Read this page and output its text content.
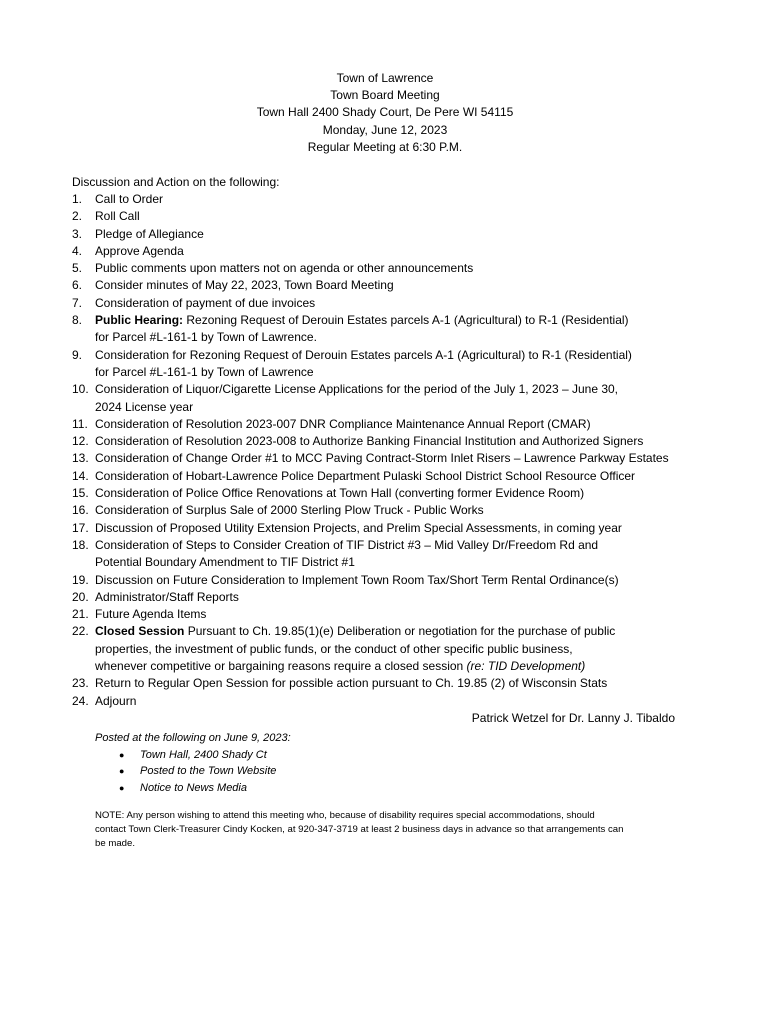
Town of Lawrence
Town Board Meeting
Town Hall 2400 Shady Court, De Pere WI 54115
Monday, June 12, 2023
Regular Meeting at 6:30 P.M.
Discussion and Action on the following:
1. Call to Order
2. Roll Call
3. Pledge of Allegiance
4. Approve Agenda
5. Public comments upon matters not on agenda or other announcements
6. Consider minutes of May 22, 2023, Town Board Meeting
7. Consideration of payment of due invoices
8. Public Hearing: Rezoning Request of Derouin Estates parcels A-1 (Agricultural) to R-1 (Residential)
for Parcel #L-161-1 by Town of Lawrence.
9. Consideration for Rezoning Request of Derouin Estates parcels A-1 (Agricultural) to R-1 (Residential)
for Parcel #L-161-1 by Town of Lawrence
10. Consideration of Liquor/Cigarette License Applications for the period of the July 1, 2023 – June 30,
2024 License year
11. Consideration of Resolution 2023-007 DNR Compliance Maintenance Annual Report (CMAR)
12. Consideration of Resolution 2023-008 to Authorize Banking Financial Institution and Authorized Signers
13. Consideration of Change Order #1 to MCC Paving Contract-Storm Inlet Risers – Lawrence Parkway Estates
14. Consideration of Hobart-Lawrence Police Department Pulaski School District School Resource Officer
15. Consideration of Police Office Renovations at Town Hall (converting former Evidence Room)
16. Consideration of Surplus Sale of 2000 Sterling Plow Truck - Public Works
17. Discussion of Proposed Utility Extension Projects, and Prelim Special Assessments, in coming year
18. Consideration of Steps to Consider Creation of TIF District #3 – Mid Valley Dr/Freedom Rd and
Potential Boundary Amendment to TIF District #1
19. Discussion on Future Consideration to Implement Town Room Tax/Short Term Rental Ordinance(s)
20. Administrator/Staff Reports
21. Future Agenda Items
22. Closed Session Pursuant to Ch. 19.85(1)(e) Deliberation or negotiation for the purchase of public
properties, the investment of public funds, or the conduct of other specific public business,
whenever competitive or bargaining reasons require a closed session (re: TID Development)
23. Return to Regular Open Session for possible action pursuant to Ch. 19.85 (2) of Wisconsin Stats
24. Adjourn
Patrick Wetzel for Dr. Lanny J. Tibaldo
Posted at the following on June 9, 2023:
● Town Hall, 2400 Shady Ct
● Posted to the Town Website
● Notice to News Media
NOTE: Any person wishing to attend this meeting who, because of disability requires special accommodations, should
contact Town Clerk-Treasurer Cindy Kocken, at 920-347-3719 at least 2 business days in advance so that arrangements can
be made.
